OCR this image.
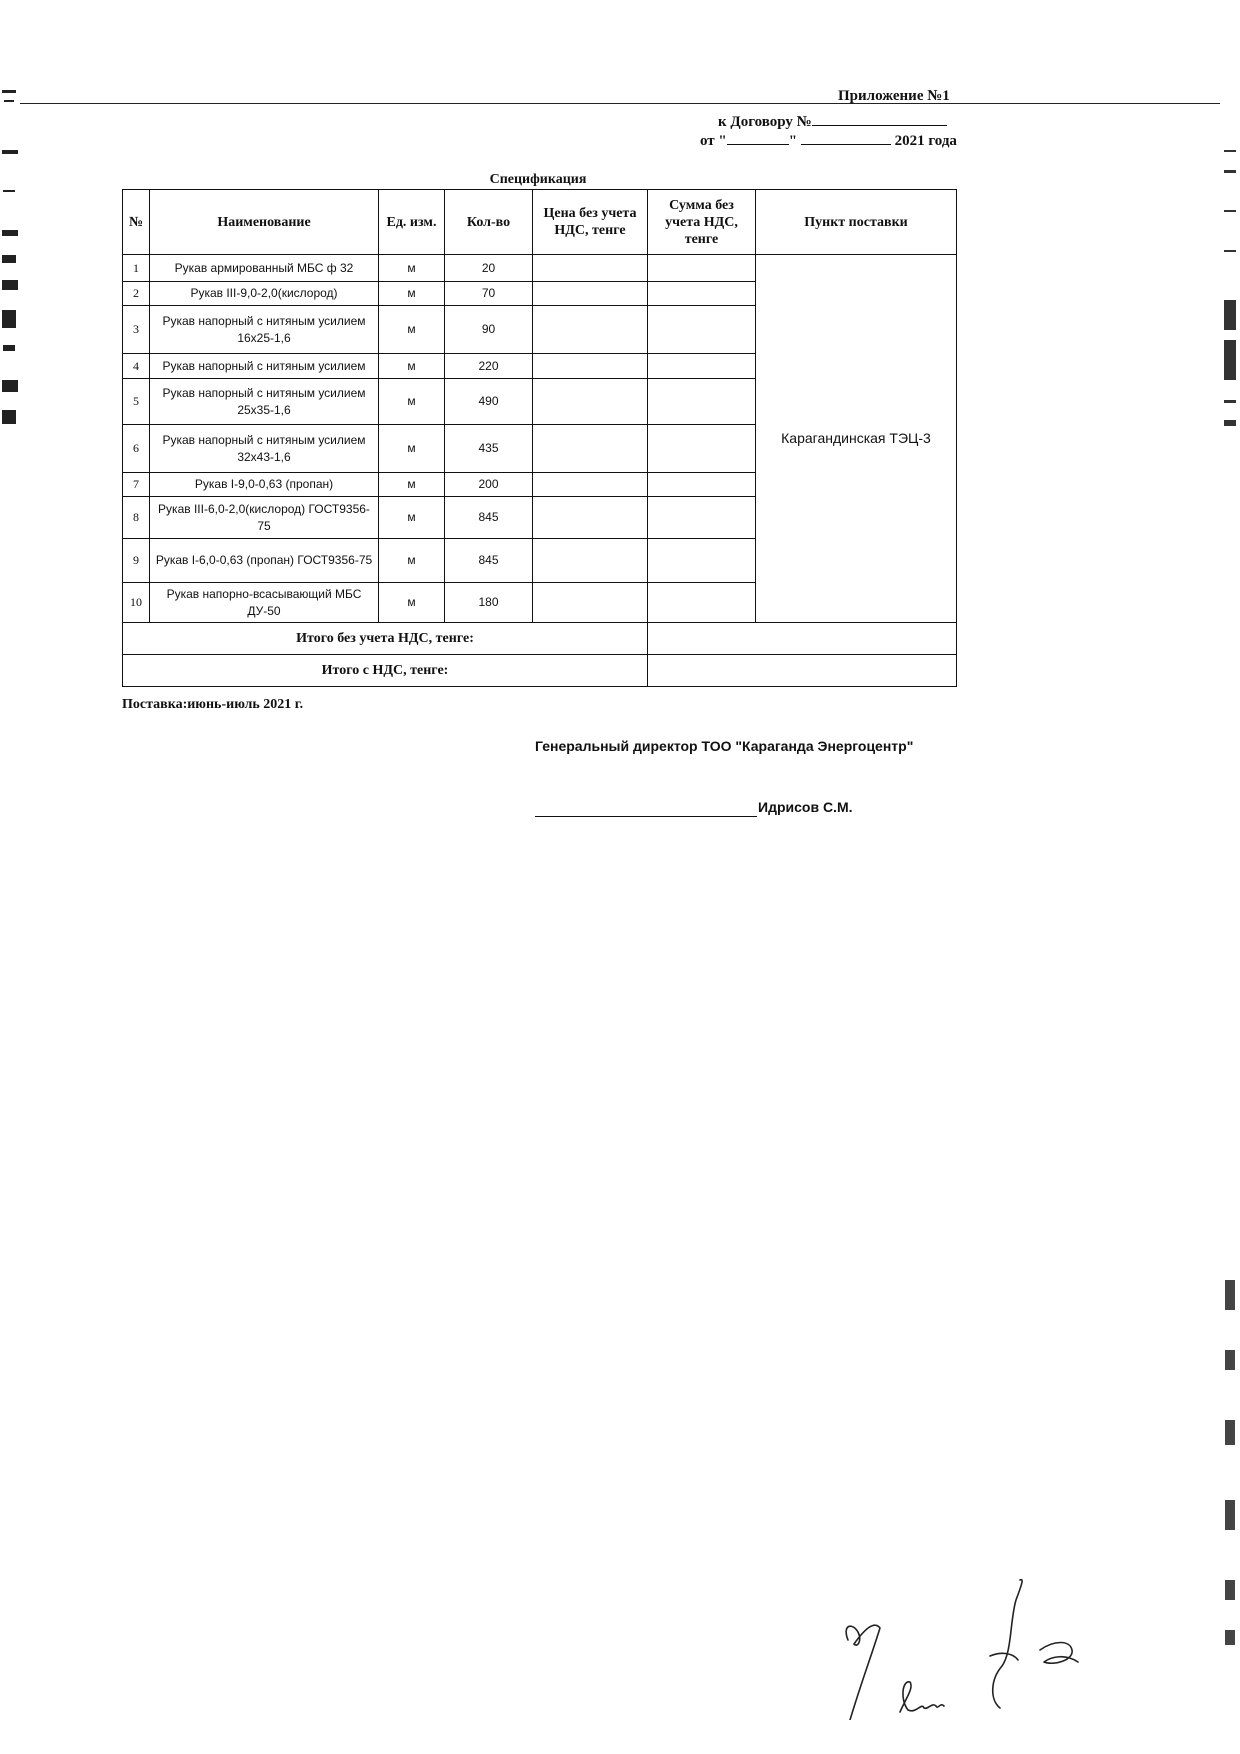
Приложение №1
к Договору №
от "	"	2021 года
Спецификация
№	Наименование	Ед. изм.	Кол-во	Цена без учета НДС, тенге	Сумма без учета НДС, тенге	Пункт поставки
1	Рукав армированный МБС ф 32	м	20			Карагандинская ТЭЦ-3
2	Рукав III-9,0-2,0(кислород)	м	70			
3	Рукав напорный с нитяным усилием 16х25-1,6	м	90			
4	Рукав напорный с нитяным усилием	м	220			
5	Рукав напорный с нитяным усилием 25х35-1,6	м	490			
6	Рукав напорный с нитяным усилием 32х43-1,6	м	435			
7	Рукав I-9,0-0,63 (пропан)	м	200			
8	Рукав III-6,0-2,0(кислород) ГОСТ9356-75	м	845			
9	Рукав I-6,0-0,63 (пропан) ГОСТ9356-75	м	845			
10	Рукав напорно-всасывающий МБС ДУ-50	м	180			
Итого без учета НДС, тенге:						
Итого с НДС, тенге:						
Поставка:июнь-июль 2021 г.
Генеральный директор ТОО "Караганда Энергоцентр"
Идрисов С.М.
